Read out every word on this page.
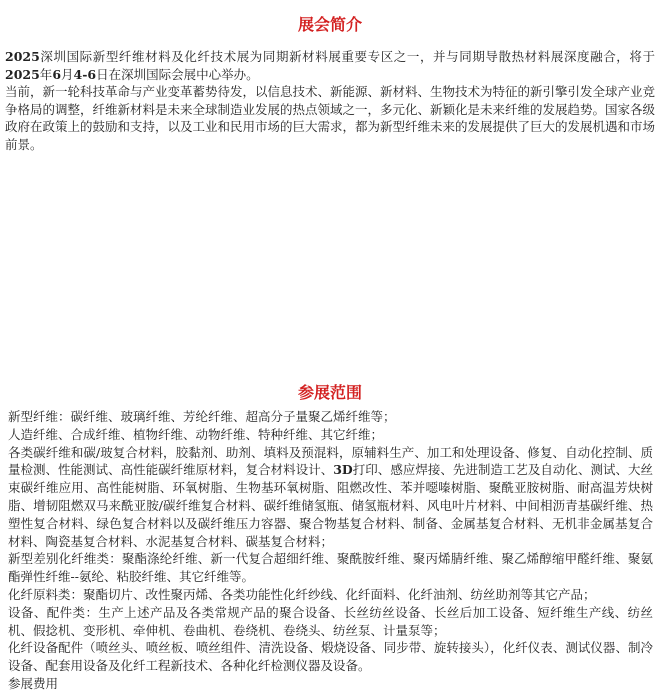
展会简介

2025深圳国际新型纤维材料及化纤技术展为同期新材料展重要专区之一，并与同期导散热材料展深度融合，将于2025年6月4-6日在深圳国际会展中心举办。
当前，新一轮科技革命与产业变革蓄势待发，以信息技术、新能源、新材料、生物技术为特征的新引擎引发全球产业竞争格局的调整，纤维新材料是未来全球制造业发展的热点领域之一，多元化、新颖化是未来纤维的发展趋势。国家各级政府在政策上的鼓励和支持，以及工业和民用市场的巨大需求，都为新型纤维未来的发展提供了巨大的发展机遇和市场前景。

参展范围
新型纤维：碳纤维、玻璃纤维、芳纶纤维、超高分子量聚乙烯纤维等；
人造纤维、合成纤维、植物纤维、动物纤维、特种纤维、其它纤维；
各类碳纤维和碳/玻复合材料，胶黏剂、助剂、填料及预混料，原辅料生产、加工和处理设备、修复、自动化控制、质量检测、性能测试、高性能碳纤维原材料，复合材料设计、3D打印、感应焊接、先进制造工艺及自动化、测试、大丝束碳纤维应用、高性能树脂、环氧树脂、生物基环氧树脂、阻燃改性、苯并噁嗪树脂、聚酰亚胺树脂、耐高温芳炔树脂、增韧阻燃双马来酰亚胺/碳纤维复合材料、碳纤维储氢瓶、储氢瓶材料、风电叶片材料、中间相沥青基碳纤维、热塑性复合材料、绿色复合材料以及碳纤维压力容器、聚合物基复合材料、制备、金属基复合材料、无机非金属基复合材料、陶瓷基复合材料、水泥基复合材料、碳基复合材料；
新型差别化纤维类：聚酯涤纶纤维、新一代复合超细纤维、聚酰胺纤维、聚丙烯腈纤维、聚乙烯醇缩甲醛纤维、聚氨酯弹性纤维--氨纶、粘胶纤维、其它纤维等。
化纤原料类：聚酯切片、改性聚丙烯、各类功能性化纤纱线、化纤面料、化纤油剂、纺丝助剂等其它产品；
设备、配件类：生产上述产品及各类常规产品的聚合设备、长丝纺丝设备、长丝后加工设备、短纤维生产线、纺丝机、假捻机、变形机、牵伸机、卷曲机、卷绕机、卷绕头、纺丝泵、计量泵等；
化纤设备配件（喷丝头、喷丝板、喷丝组件、清洗设备、煅烧设备、同步带、旋转接头），化纤仪表、测试仪器、制冷设备、配套用设备及化纤工程新技术、各种化纤检测仪器及设备。
参展费用
